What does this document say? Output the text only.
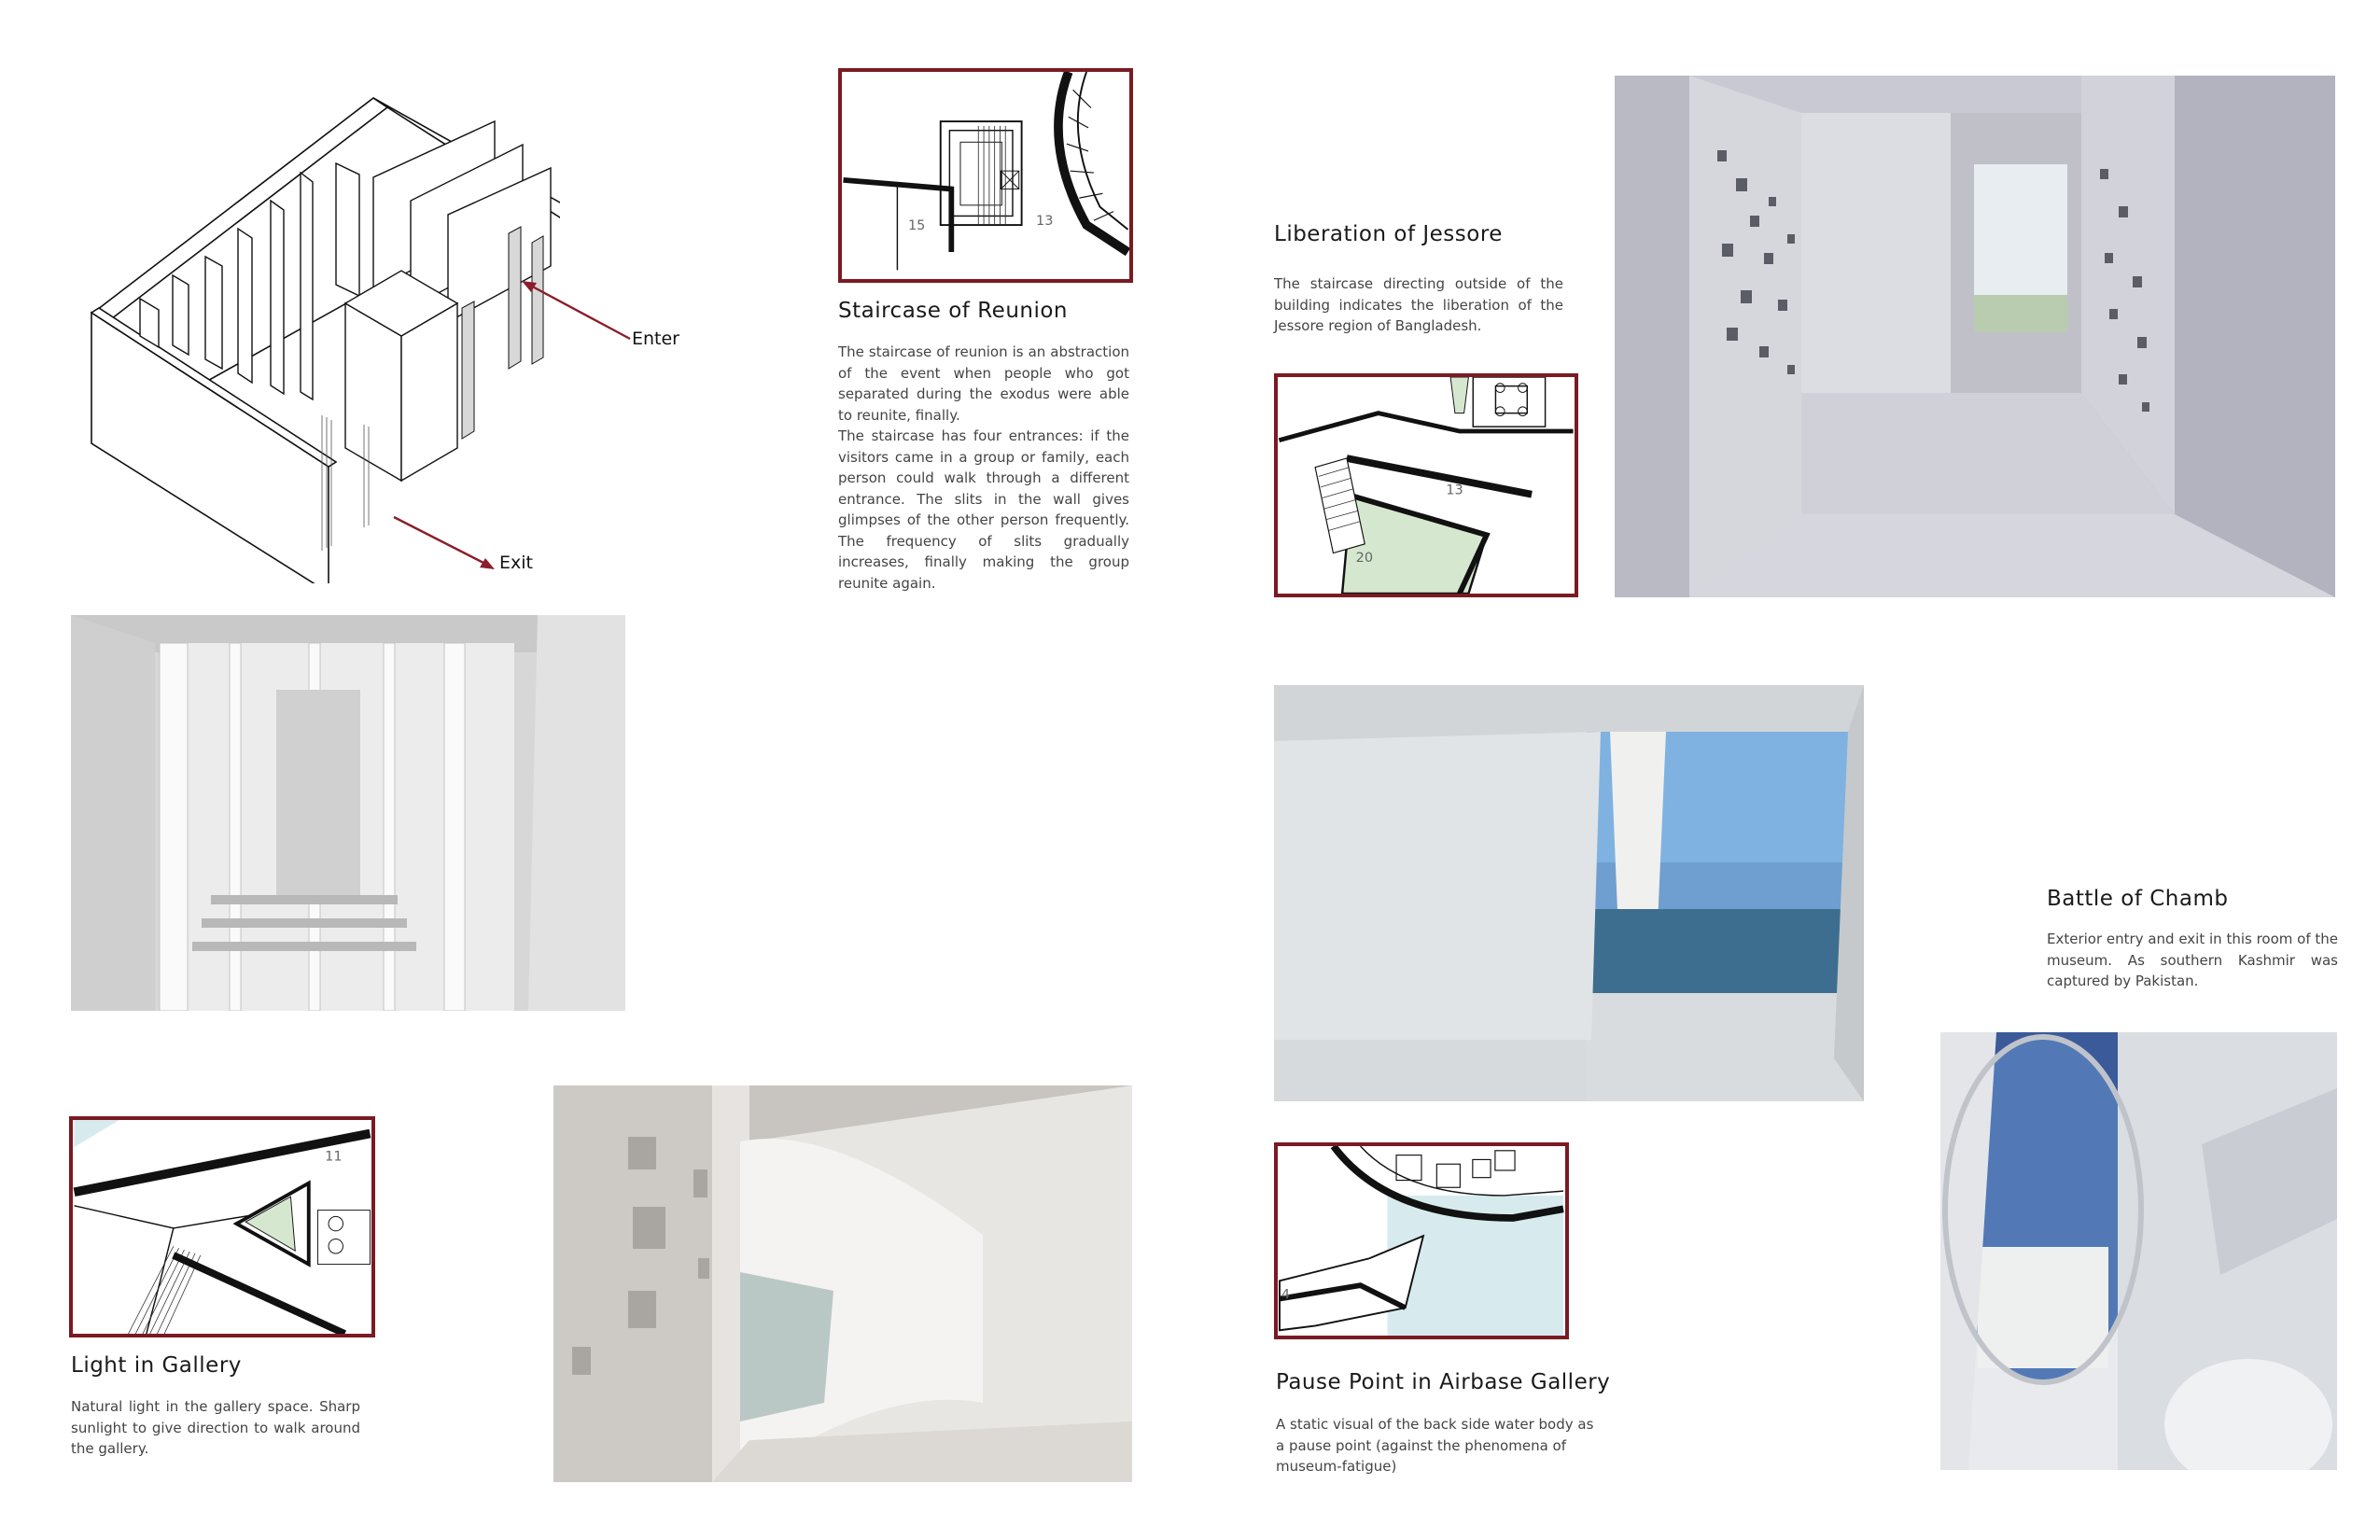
Enter
Exit
15	13
Staircase of Reunion
The staircase of reunion is an abstraction of the event when people who got separated during the exodus were able to reunite, finally.
The staircase has four entrances: if the visitors came in a group or family, each person could walk through a different entrance. The slits in the wall gives glimpses of the other person frequently. The frequency of slits gradually increases, finally making the group reunite again.
Liberation of Jessore
The staircase directing outside of the building indicates the liberation of the Jessore region of Bangladesh.
13
20
Battle of Chamb
Exterior entry and exit in this room of the museum. As southern Kashmir was captured by Pakistan.
11
Light in Gallery
Natural light in the gallery space. Sharp sunlight to give direction to walk around the gallery.
4
Pause Point in Airbase Gallery
A static visual of the back side water body as a pause point (against the phenomena of museum-fatigue)
